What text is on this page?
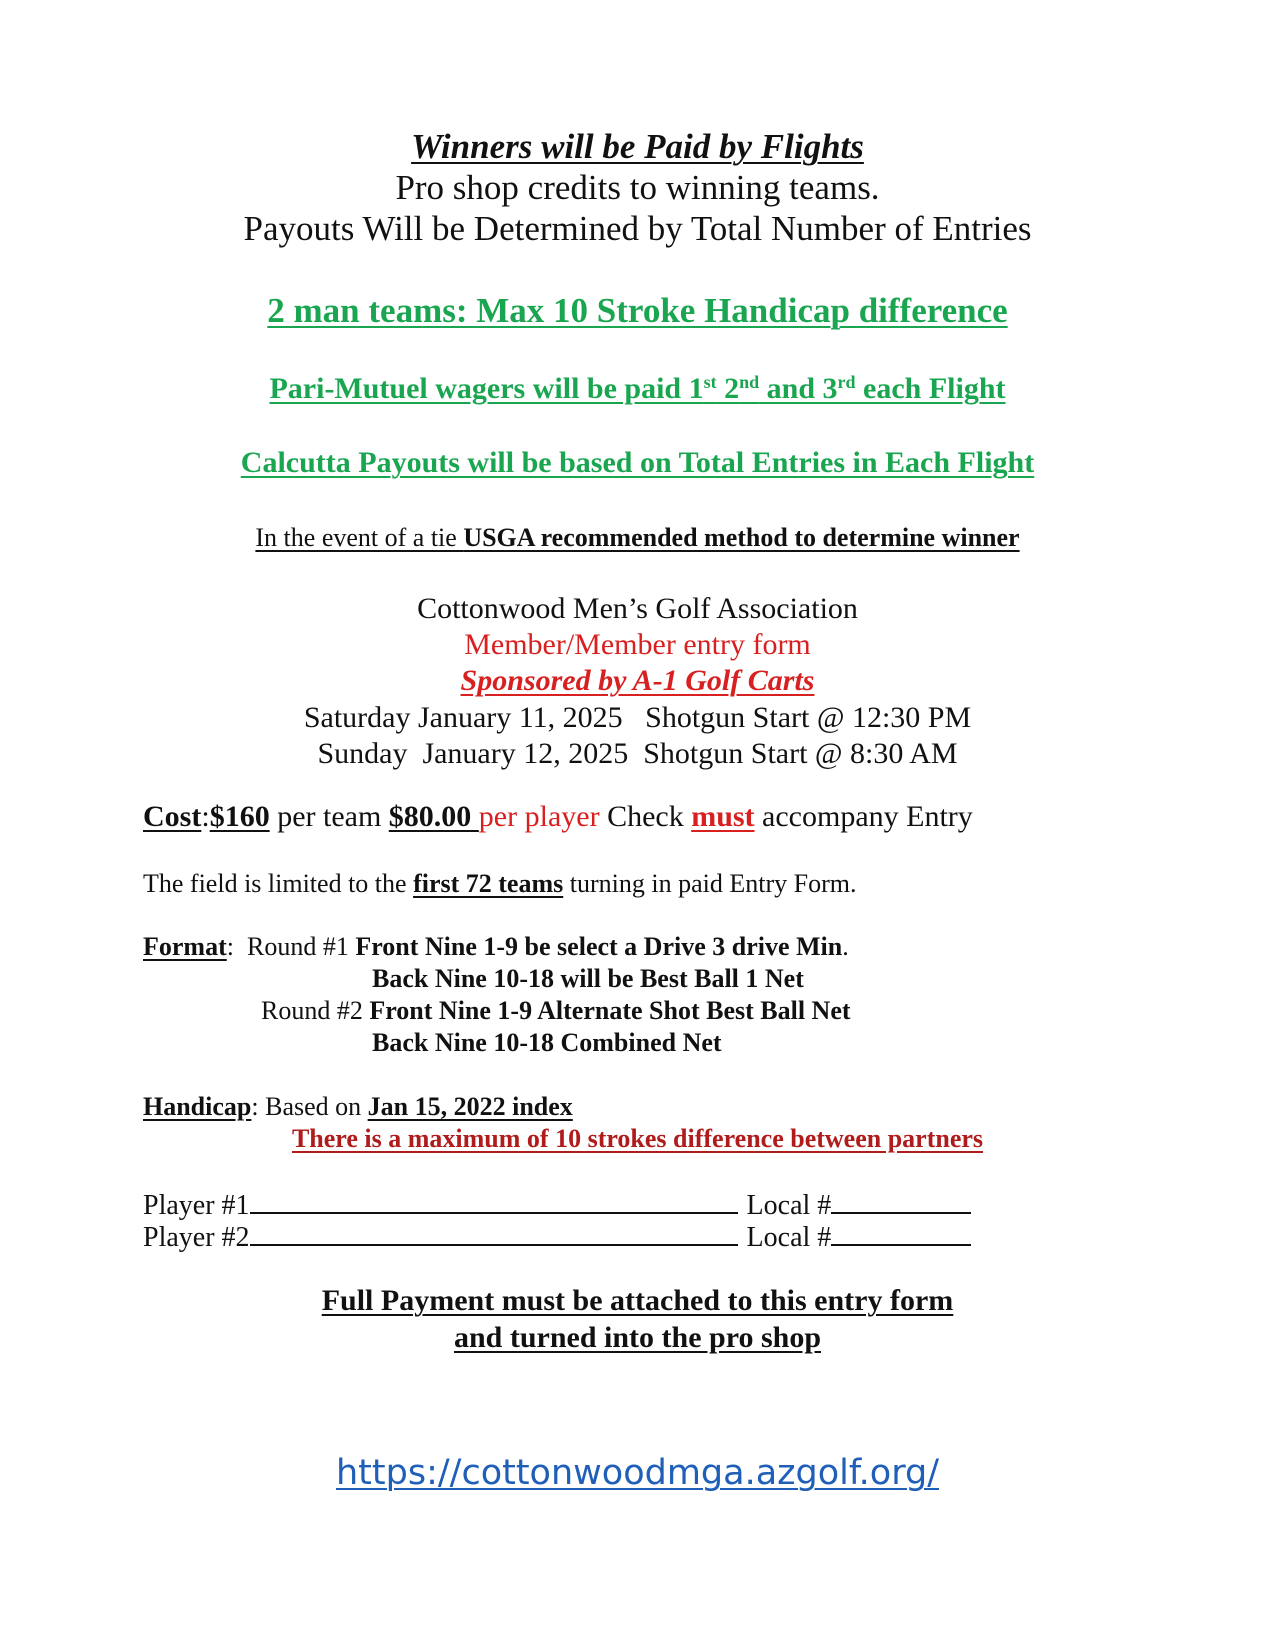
Winners will be Paid by Flights
Pro shop credits to winning teams.
Payouts Will be Determined by Total Number of Entries
2 man teams: Max 10 Stroke Handicap difference
Pari-Mutuel wagers will be paid 1st 2nd and 3rd each Flight
Calcutta Payouts will be based on Total Entries in Each Flight
In the event of a tie USGA recommended method to determine winner
Cottonwood Men’s Golf Association
Member/Member entry form
Sponsored by A-1 Golf Carts
Saturday January 11, 2025   Shotgun Start @ 12:30 PM
Sunday  January 12, 2025  Shotgun Start @ 8:30 AM
Cost:$160 per team $80.00 per player Check must accompany Entry
The field is limited to the first 72 teams turning in paid Entry Form.
Format:  Round #1 Front Nine 1-9 be select a Drive 3 drive Min.
Back Nine 10-18 will be Best Ball 1 Net
Round #2 Front Nine 1-9 Alternate Shot Best Ball Net
Back Nine 10-18 Combined Net
Handicap: Based on Jan 15, 2022 index
There is a maximum of 10 strokes difference between partners
Player #1	Local #
Player #2	Local #
Full Payment must be attached to this entry form
and turned into the pro shop
https://cottonwoodmga.azgolf.org/
